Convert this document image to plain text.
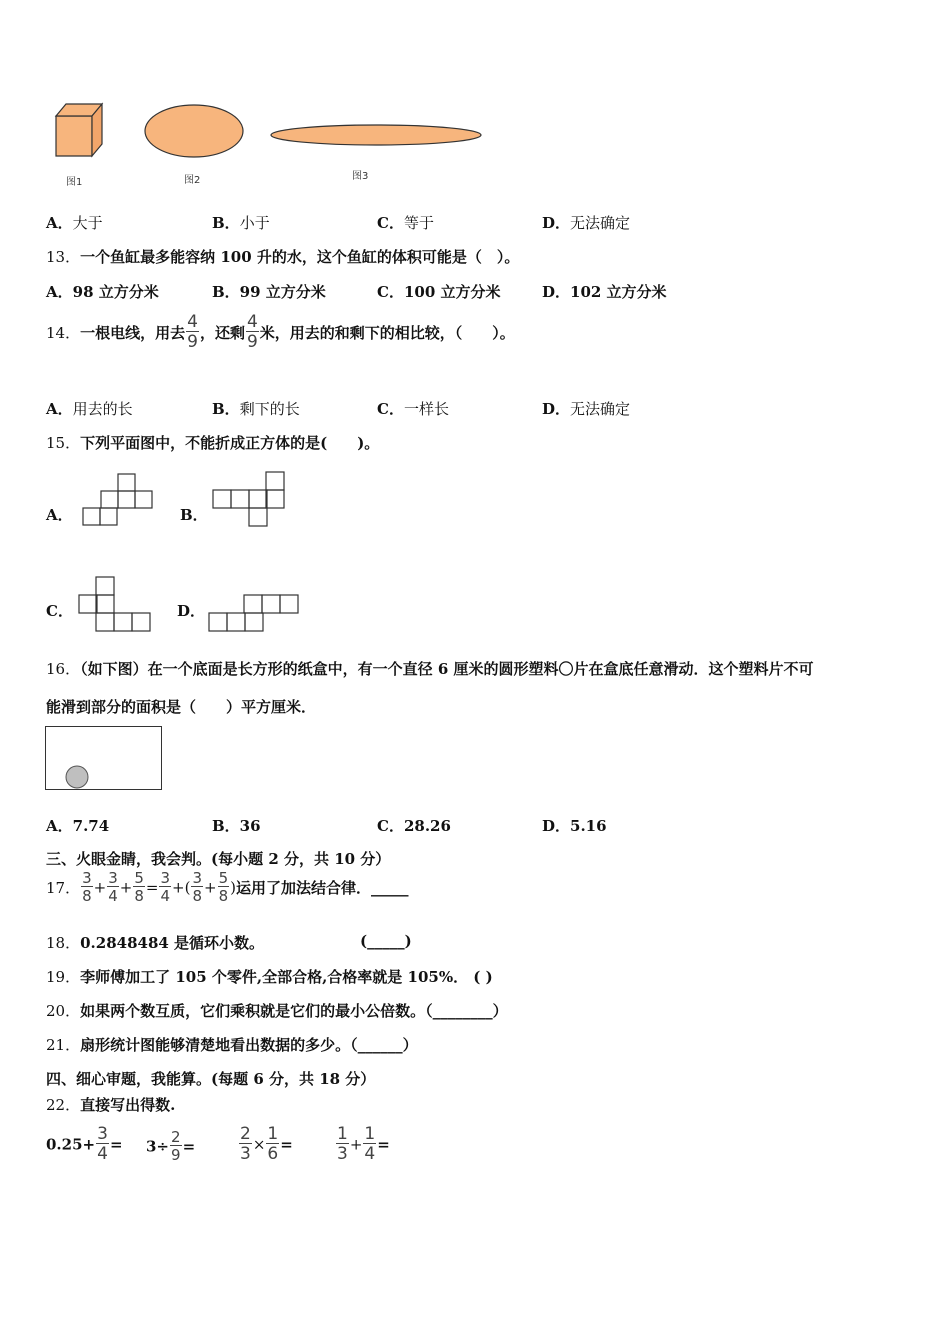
图1	图2	图3
A．大于	B．小于	C．等于	D．无法确定
13．一个鱼缸最多能容纳 100 升的水，这个鱼缸的体积可能是（　）。
A．98 立方分米	B．99 立方分米	C．100 立方分米	D．102 立方分米
14．一根电线，用去 $\frac{4}{9}$ ，还剩 $\frac{4}{9}$ 米，用去的和剩下的相比较，（　　）。
A．用去的长	B．剩下的长	C．一样长	D．无法确定
15．下列平面图中，不能折成正方体的是(　　)。
A．	B．
C．	D．
16．（如下图）在一个底面是长方形的纸盒中，有一个直径 6 厘米的圆形塑料〇片在盒底任意滑动．这个塑料片不可
能滑到部分的面积是（　　）平方厘米．
A．7.74	B．36	C．28.26	D．5.16
三、火眼金睛，我会判。(每小题 2 分，共 10 分）
17． $\frac{3}{8} + \frac{3}{4} + \frac{5}{8} = \frac{3}{4}$ +( $\frac{3}{8} + \frac{5}{8}$ )运用了加法结合律．_____
18．0.2848484 是循环小数。	(_____)
19．李师傅加工了 105 个零件,全部合格,合格率就是 105%． ( )
20．如果两个数互质，它们乘积就是它们的最小公倍数。（________）
21．扇形统计图能够清楚地看出数据的多少。（______）
四、细心审题，我能算。(每题 6 分，共 18 分）
22．直接写出得数.
$0.25+ \frac{3}{4} = 3\div \frac{2}{9}$ =	$\frac{2}{3} \times \frac{1}{6}$ =	$\frac{1}{3} + \frac{1}{4}$ =
